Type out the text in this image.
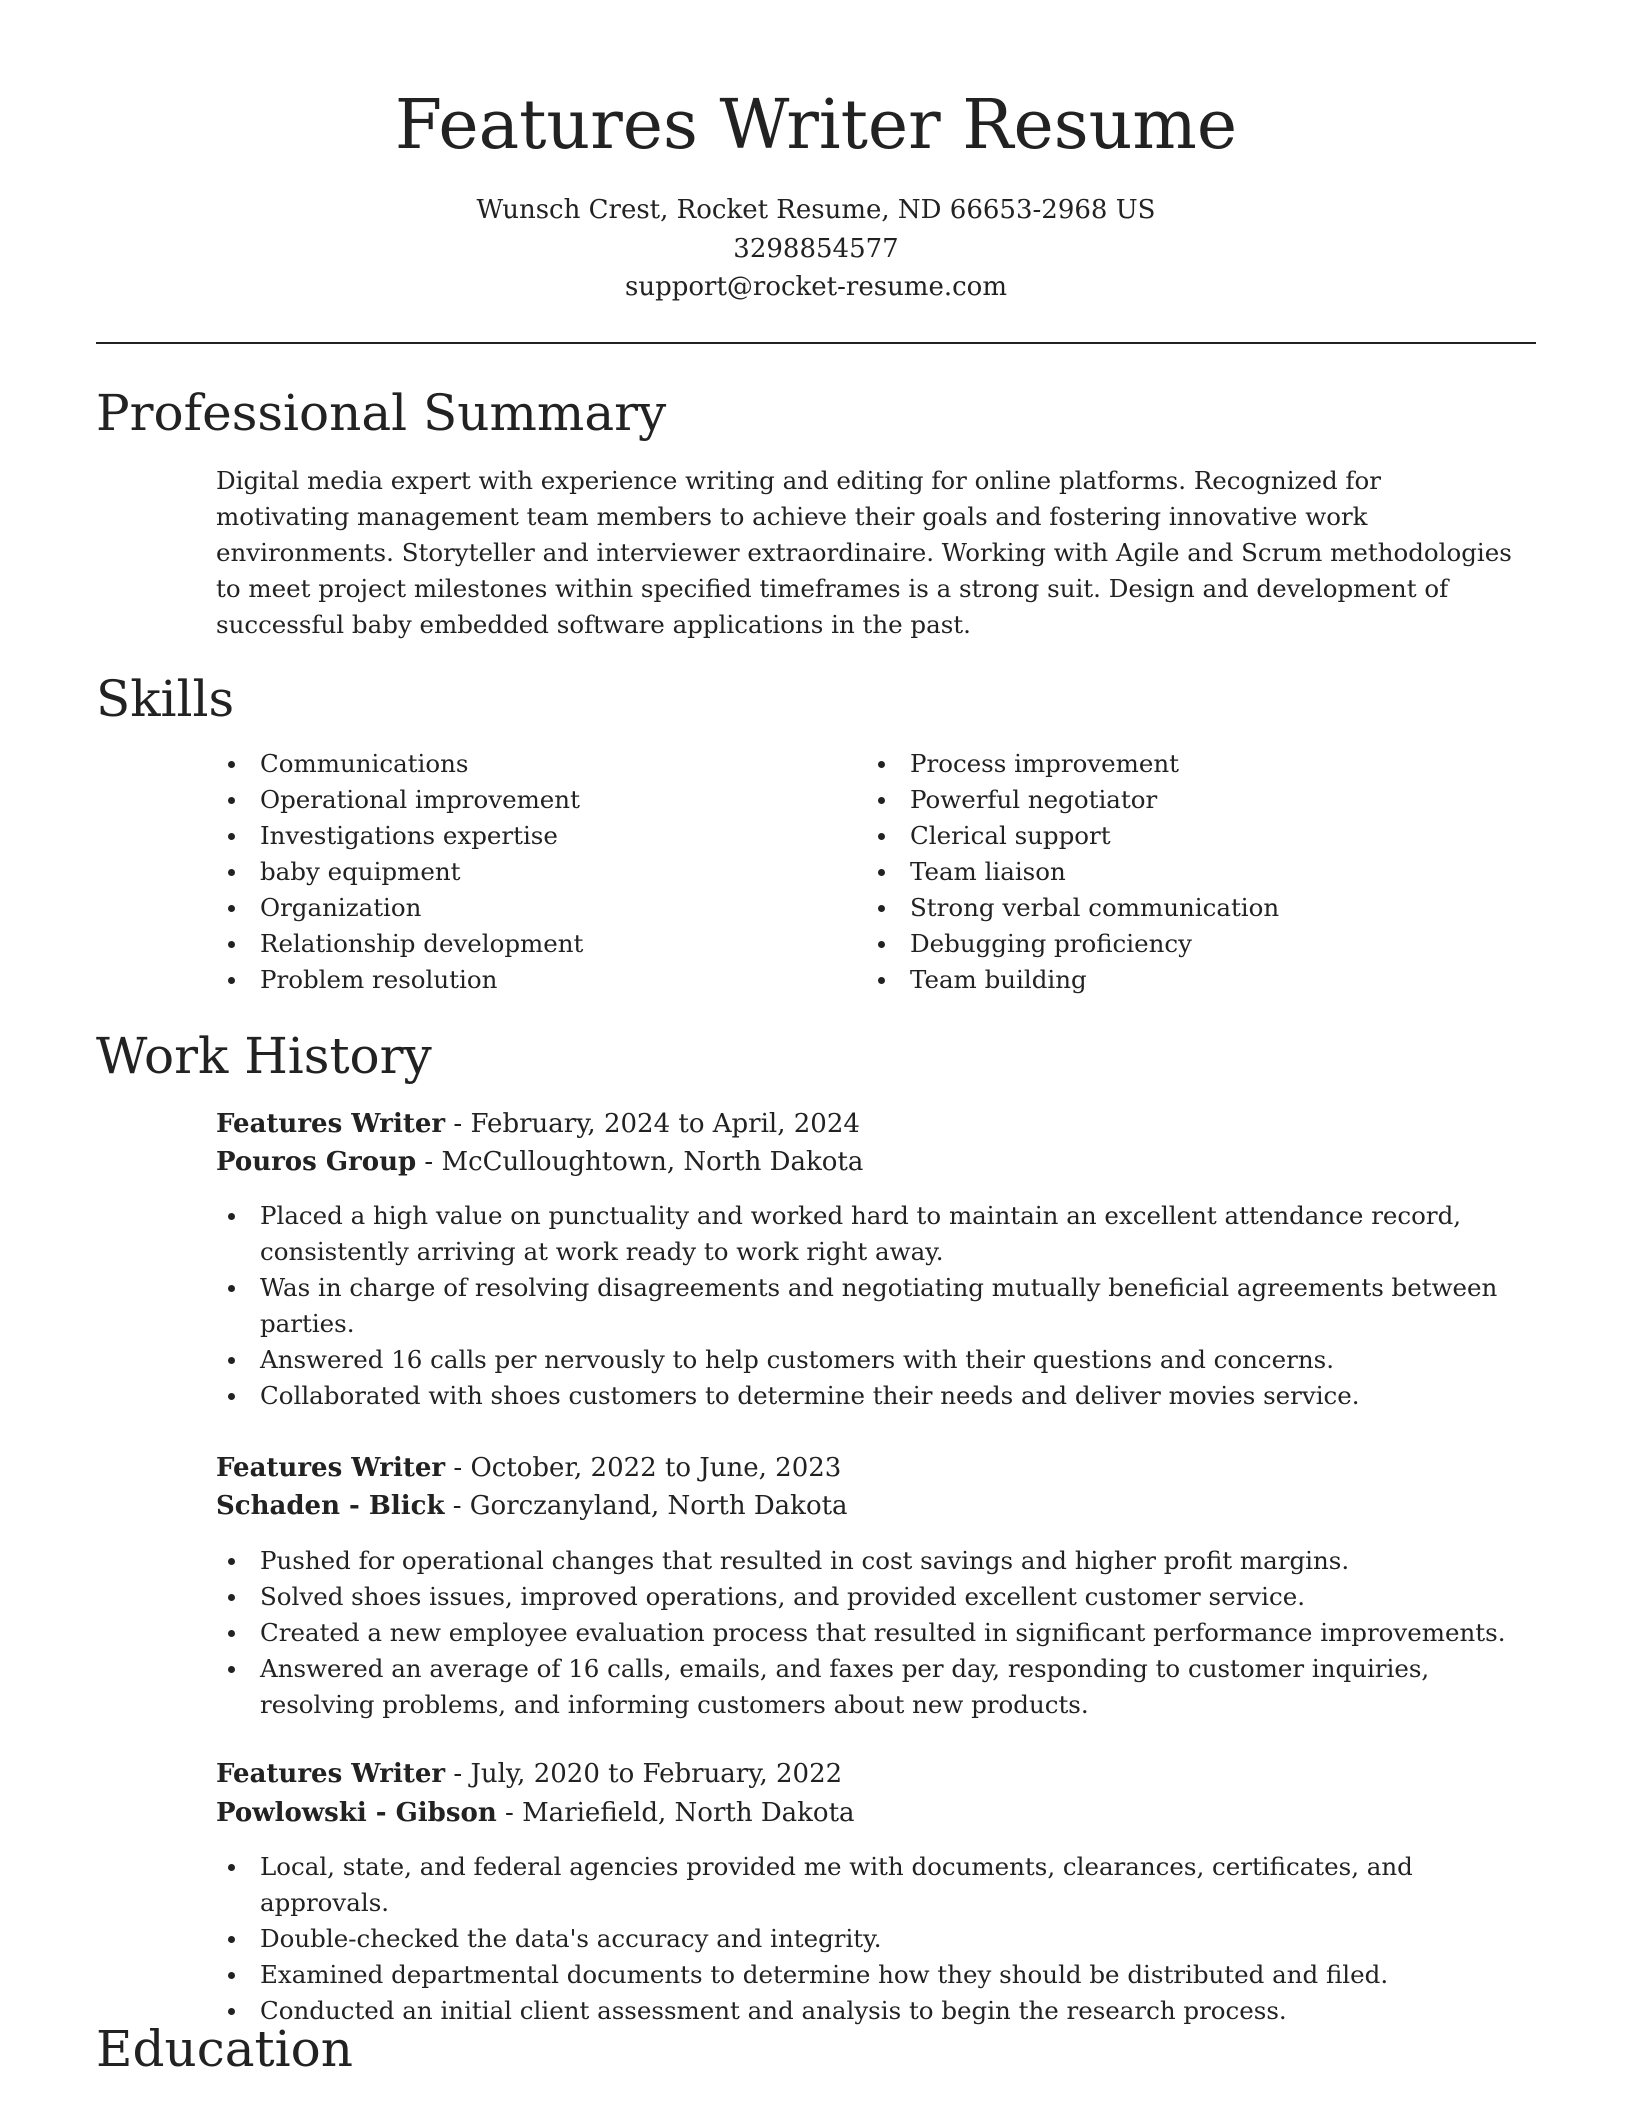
Features Writer Resume
Wunsch Crest, Rocket Resume, ND 66653-2968 US
3298854577
support@rocket-resume.com
Professional Summary

Digital media expert with experience writing and editing for online platforms. Recognized for motivating management team members to achieve their goals and fostering innovative work environments. Storyteller and interviewer extraordinaire. Working with Agile and Scrum methodologies to meet project milestones within specified timeframes is a strong suit. Design and development of successful baby embedded software applications in the past.

Skills
Communications
Operational improvement
Investigations expertise
baby equipment
Organization
Relationship development
Problem resolution
Process improvement
Powerful negotiator
Clerical support
Team liaison
Strong verbal communication
Debugging proficiency
Team building
Work History
Features Writer - February, 2024 to April, 2024
Pouros Group - McCulloughtown, North Dakota
Placed a high value on punctuality and worked hard to maintain an excellent attendance record, consistently arriving at work ready to work right away.
Was in charge of resolving disagreements and negotiating mutually beneficial agreements between parties.
Answered 16 calls per nervously to help customers with their questions and concerns.
Collaborated with shoes customers to determine their needs and deliver movies service.
Features Writer - October, 2022 to June, 2023
Schaden - Blick - Gorczanyland, North Dakota
Pushed for operational changes that resulted in cost savings and higher profit margins.
Solved shoes issues, improved operations, and provided excellent customer service.
Created a new employee evaluation process that resulted in significant performance improvements.
Answered an average of 16 calls, emails, and faxes per day, responding to customer inquiries, resolving problems, and informing customers about new products.
Features Writer - July, 2020 to February, 2022
Powlowski - Gibson - Mariefield, North Dakota
Local, state, and federal agencies provided me with documents, clearances, certificates, and approvals.
Double-checked the data's accuracy and integrity.
Examined departmental documents to determine how they should be distributed and filed.
Conducted an initial client assessment and analysis to begin the research process.
Education
